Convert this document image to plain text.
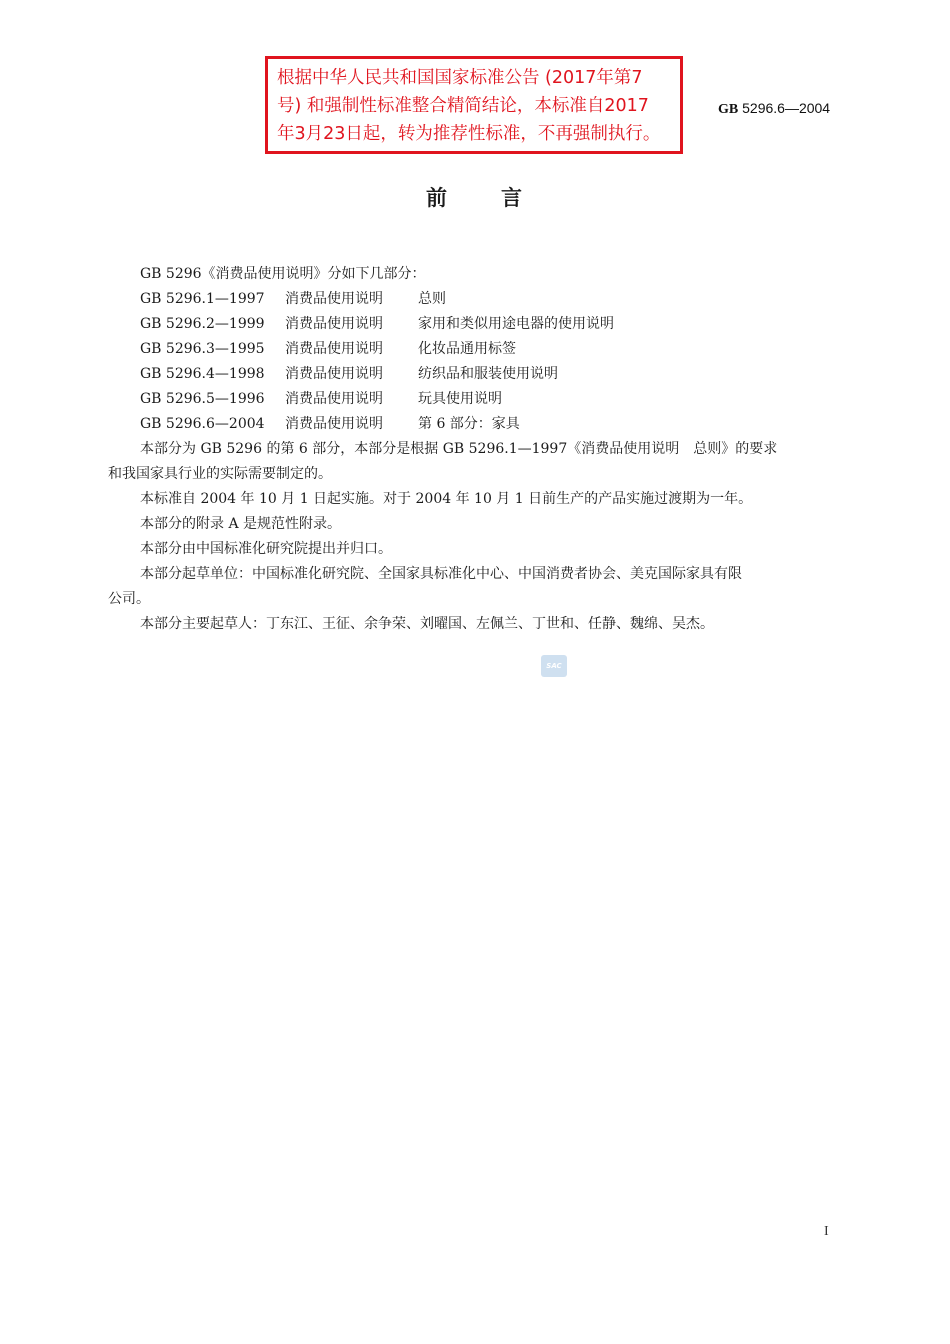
根据中华人民共和国国家标准公告 (2017年第7
号) 和强制性标准整合精简结论，本标准自2017
年3月23日起，转为推荐性标准，不再强制执行。
GB 5296.6—2004
前 言
GB 5296《消费品使用说明》分如下几部分：
GB 5296.1—1997 消费品使用说明	总则
GB 5296.2—1999 消费品使用说明	家用和类似用途电器的使用说明
GB 5296.3—1995 消费品使用说明	化妆品通用标签
GB 5296.4—1998 消费品使用说明	纺织品和服装使用说明
GB 5296.5—1996 消费品使用说明	玩具使用说明
GB 5296.6—2004 消费品使用说明	第 6 部分：家具
本部分为 GB 5296 的第 6 部分，本部分是根据 GB 5296.1—1997《消费品使用说明　总则》的要求
和我国家具行业的实际需要制定的。
本标准自 2004 年 10 月 1 日起实施。对于 2004 年 10 月 1 日前生产的产品实施过渡期为一年。
本部分的附录 A 是规范性附录。
本部分由中国标准化研究院提出并归口。
本部分起草单位：中国标准化研究院、全国家具标准化中心、中国消费者协会、美克国际家具有限
公司。
本部分主要起草人：丁东江、王征、余争荣、刘曜国、左佩兰、丁世和、任静、魏绵、吴杰。
SAC
I
